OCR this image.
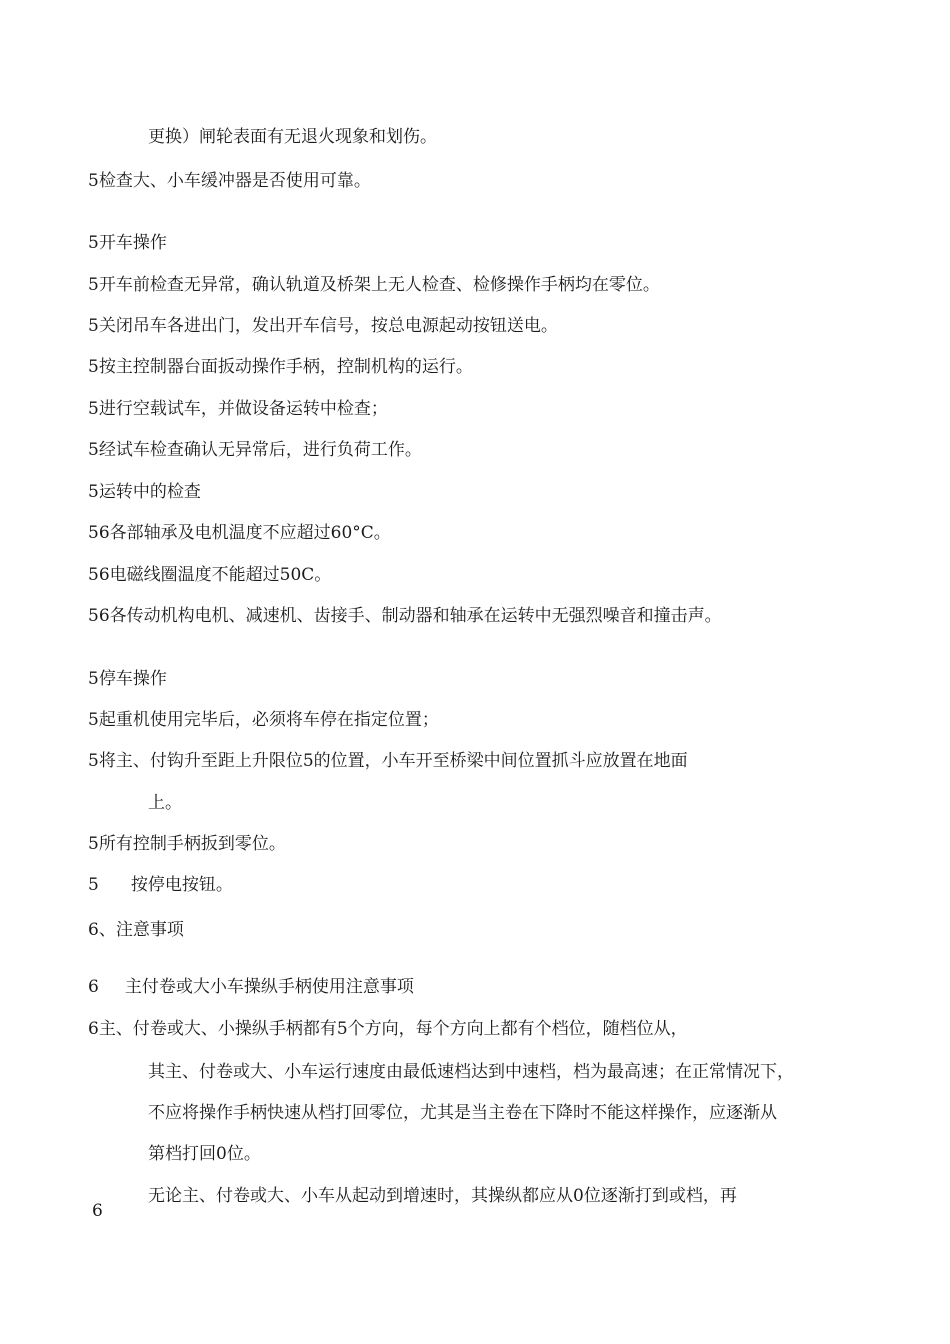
更换）闸轮表面有无退火现象和划伤。

5检查大、小车缓冲器是否使用可靠。

5开车操作

5开车前检查无异常，确认轨道及桥架上无人检查、检修操作手柄均在零位。

5关闭吊车各进出门，发出开车信号，按总电源起动按钮送电。

5按主控制器台面扳动操作手柄，控制机构的运行。

5进行空载试车，并做设备运转中检查；

5经试车检查确认无异常后，进行负荷工作。

5运转中的检查

56各部轴承及电机温度不应超过60°C。

56电磁线圈温度不能超过50C。

56各传动机构电机、减速机、齿接手、制动器和轴承在运转中无强烈噪音和撞击声。

5停车操作

5起重机使用完毕后，必须将车停在指定位置；

5将主、付钩升至距上升限位5的位置，小车开至桥梁中间位置抓斗应放置在地面

上。

5所有控制手柄扳到零位。

5 按停电按钮。

6、注意事项

6 主付卷或大小车操纵手柄使用注意事项

6主、付卷或大、小操纵手柄都有5个方向，每个方向上都有个档位，随档位从，

其主、付卷或大、小车运行速度由最低速档达到中速档，档为最高速；在正常情况下，

不应将操作手柄快速从档打回零位，尤其是当主卷在下降时不能这样操作，应逐渐从

第档打回0位。

无论主、付卷或大、小车从起动到增速时，其操纵都应从0位逐渐打到或档，再

6
